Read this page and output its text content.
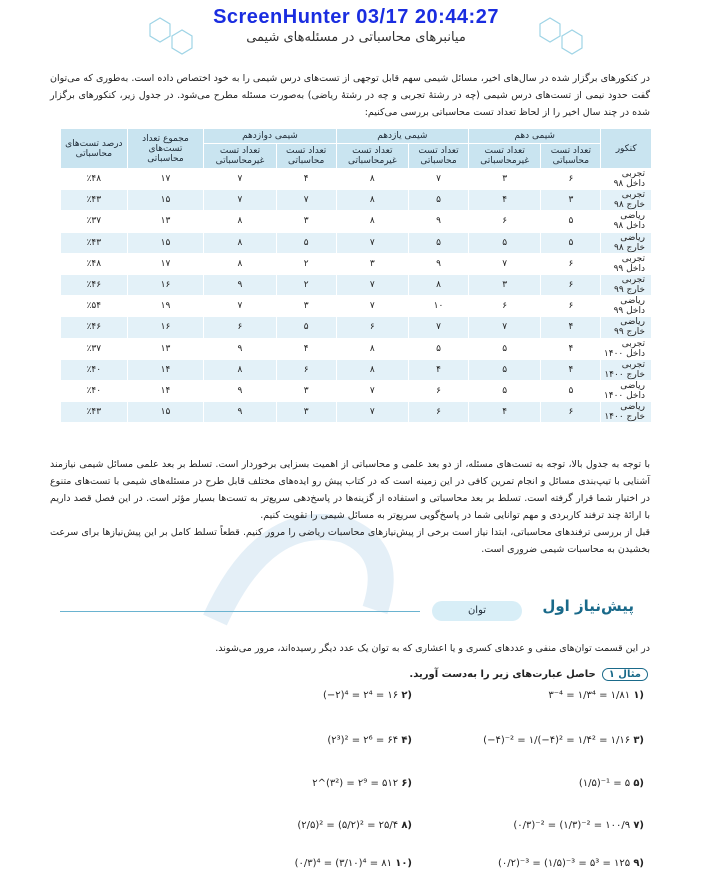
ScreenHunter 03/17 20:44:27
میانبرهای محاسباتی در مسئله‌های شیمی
در کنکورهای برگزار شده در سال‌های اخیر، مسائل شیمی سهم قابل توجهی از تست‌های درس شیمی را به خود اختصاص داده است. به‌طوری که می‌توان گفت حدود نیمی از تست‌های درس شیمی (چه در رشتهٔ تجربی و چه در رشتهٔ ریاضی) به‌صورت مسئله مطرح می‌شود. در جدول زیر، کنکورهای برگزار شده در چند سال اخیر را از لحاظ تعداد تست محاسباتی بررسی می‌کنیم:
کنکور	شیمی دهم		شیمی یازدهم		شیمی دوازدهم		مجموع تعداد تست‌های محاسباتی	درصد تست‌های محاسباتی
	تعداد تست محاسباتی	تعداد تست غیرمحاسباتی	تعداد تست محاسباتی	تعداد تست غیرمحاسباتی	تعداد تست محاسباتی	تعداد تست غیرمحاسباتی		
تجربی داخل ۹۸	۶	۳	۷	۸	۴	۷	۱۷	٪۴۸
تجربی خارج ۹۸	۳	۴	۵	۸	۷	۷	۱۵	٪۴۳
ریاضی داخل ۹۸	۵	۶	۹	۸	۳	۸	۱۳	٪۳۷
ریاضی خارج ۹۸	۵	۵	۵	۷	۵	۸	۱۵	٪۴۳
تجربی داخل ۹۹	۶	۷	۹	۳	۲	۸	۱۷	٪۴۸
تجربی خارج ۹۹	۶	۳	۸	۷	۲	۹	۱۶	٪۴۶
ریاضی داخل ۹۹	۶	۶	۱۰	۷	۳	۷	۱۹	٪۵۴
ریاضی خارج ۹۹	۴	۷	۷	۶	۵	۶	۱۶	٪۴۶
تجربی داخل ۱۴۰۰	۴	۵	۵	۸	۴	۹	۱۳	٪۳۷
تجربی خارج ۱۴۰۰	۴	۵	۴	۸	۶	۸	۱۴	٪۴۰
ریاضی داخل ۱۴۰۰	۵	۵	۶	۷	۳	۹	۱۴	٪۴۰
ریاضی خارج ۱۴۰۰	۶	۴	۶	۷	۳	۹	۱۵	٪۴۳
با توجه به جدول بالا، توجه به تست‌های مسئله، از دو بعد علمی و محاسباتی از اهمیت بسزایی برخوردار است. تسلط بر بعد علمی مسائل شیمی نیازمند آشنایی با تیپ‌بندی مسائل و انجام تمرین کافی در این زمینه است که در کتاب پیش رو ایده‌های مختلف قابل طرح در مسئله‌های شیمی با تست‌های متنوع در اختیار شما قرار گرفته است. تسلط بر بعد محاسباتی و استفاده از گزینه‌ها در پاسخ‌دهی سریع‌تر به تست‌ها بسیار مؤثر است. در این فصل قصد داریم با ارائهٔ چند ترفند کاربردی و مهم توانایی شما در پاسخ‌گویی سریع‌تر به مسائل شیمی را تقویت کنیم.
قبل از بررسی ترفندهای محاسباتی، ابتدا نیاز است برخی از پیش‌نیازهای محاسبات ریاضی را مرور کنیم. قطعاً تسلط کامل بر این پیش‌نیازها برای سرعت بخشیدن به محاسبات شیمی ضروری است.
پیش‌نیاز اول
توان
در این قسمت توان‌های منفی و عددهای کسری و یا اعشاری که به توان یک عدد دیگر رسیده‌اند، مرور می‌شوند.
مثال ۱
حاصل عبارت‌های زیر را به‌دست آورید.
۳⁻⁴ = ۱/۳⁴ = ۱/۸۱ ۱)
(−۲)⁴ = ۲⁴ = ۱۶ ۲)
(−۴)⁻² = ۱/(−۴)² = ۱/۴² = ۱/۱۶ ۳)
(۲³)² = ۲⁶ = ۶۴ ۴)
(۱/۵)⁻¹ = ۵ ۵)
۲^(۳²) = ۲⁹ = ۵۱۲ ۶)
(۰/۳)⁻² = (۱/۳)⁻² = ۱۰۰/۹ ۷)
(۲/۵)² = (۵/۲)² = ۲۵/۴ ۸)
(۰/۲)⁻³ = (۱/۵)⁻³ = ۵³ = ۱۲۵ ۹)
(۰/۳)⁴ = (۳/۱۰)⁴ = ۸۱ ۱۰)
